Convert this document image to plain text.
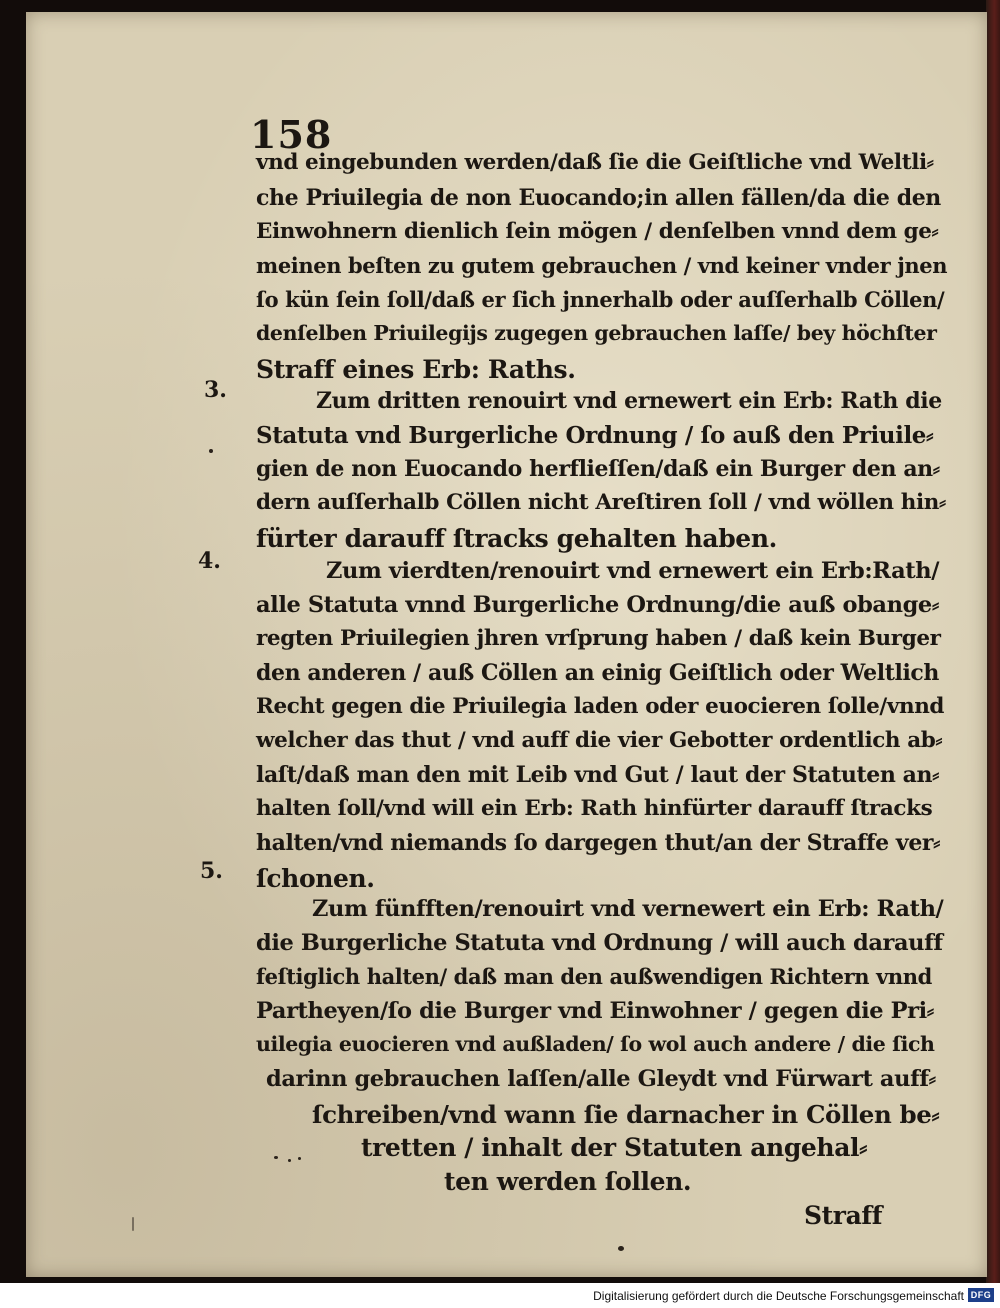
158
3.
4.
5.
vnd eingebunden werden/daß ſie die Geiſtliche vnd Weltli⸗
che Priuilegia de non Euocando;in allen fällen/da die den
Einwohnern dienlich ſein mögen / denſelben vnnd dem ge⸗
meinen beſten zu gutem gebrauchen / vnd keiner vnder jnen
ſo kün ſein ſoll/daß er ſich jnnerhalb oder auſſerhalb Cöllen/
denſelben Priuilegijs zugegen gebrauchen laſſe/ bey höchſter
Straff eines Erb: Raths.
Zum dritten renouirt vnd ernewert ein Erb: Rath die
Statuta vnd Burgerliche Ordnung / ſo auß den Priuile⸗
gien de non Euocando herflieſſen/daß ein Burger den an⸗
dern auſſerhalb Cöllen nicht Areſtiren ſoll / vnd wöllen hin⸗
fürter darauff ſtracks gehalten haben.
Zum vierdten/renouirt vnd ernewert ein Erb:Rath/
alle Statuta vnnd Burgerliche Ordnung/die auß obange⸗
regten Priuilegien jhren vrſprung haben / daß kein Burger
den anderen / auß Cöllen an einig Geiſtlich oder Weltlich
Recht gegen die Priuilegia laden oder euocieren ſolle/vnnd
welcher das thut / vnd auff die vier Gebotter ordentlich ab⸗
laſt/daß man den mit Leib vnd Gut / laut der Statuten an⸗
halten ſoll/vnd will ein Erb: Rath hinfürter darauff ſtracks
halten/vnd niemands ſo dargegen thut/an der Straffe ver⸗
ſchonen.
Zum fünfften/renouirt vnd vernewert ein Erb: Rath/
die Burgerliche Statuta vnd Ordnung / will auch darauff
feſtiglich halten/ daß man den außwendigen Richtern vnnd
Partheyen/ſo die Burger vnd Einwohner / gegen die Pri⸗
uilegia euocieren vnd außladen/ ſo wol auch andere / die ſich
darinn gebrauchen laſſen/alle Gleydt vnd Fürwart auff⸗
ſchreiben/vnd wann ſie darnacher in Cöllen be⸗
tretten / inhalt der Statuten angehal⸗
ten werden ſollen.
Straff
Digitalisierung gefördert durch die Deutsche Forschungsgemeinschaft DFG
